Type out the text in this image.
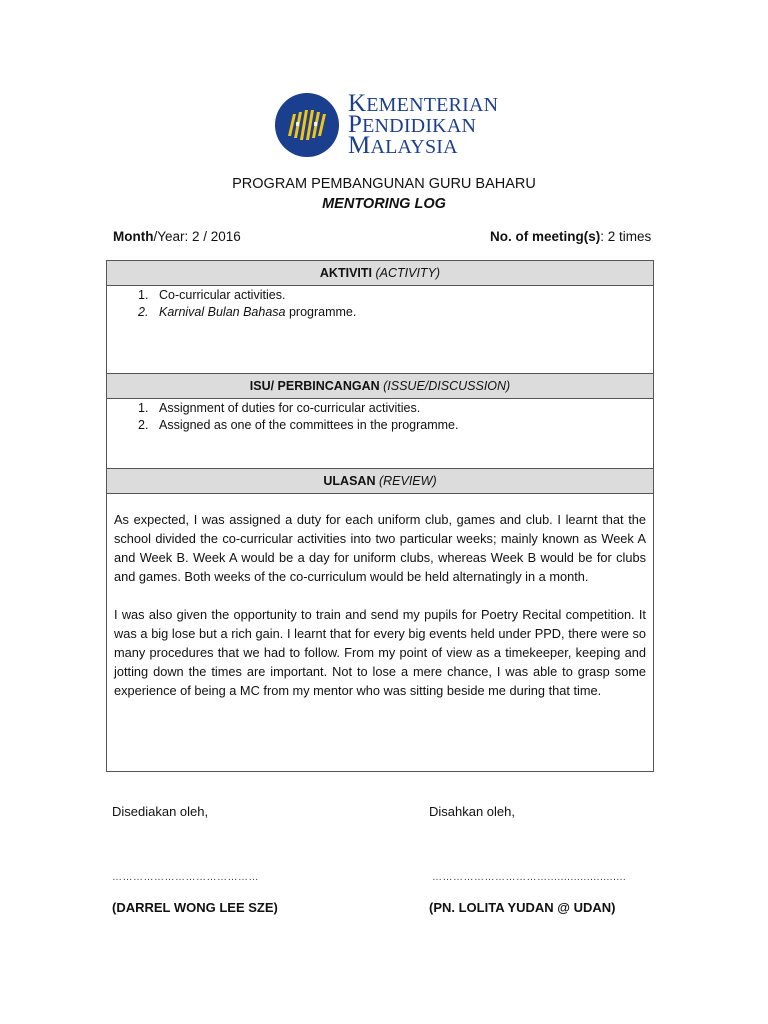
KEMENTERIAN
PENDIDIKAN
MALAYSIA
PROGRAM PEMBANGUNAN GURU BAHARU
MENTORING LOG
Month/Year: 2 / 2016	No. of meeting(s): 2 times
AKTIVITI (ACTIVITY)
1. Co-curricular activities.
2. Karnival Bulan Bahasa programme.
ISU/ PERBINCANGAN (ISSUE/DISCUSSION)
1. Assignment of duties for co-curricular activities.
2. Assigned as one of the committees in the programme.
ULASAN (REVIEW)

As expected, I was assigned a duty for each uniform club, games and club. I learnt that the school divided the co-curricular activities into two particular weeks; mainly known as Week A and Week B. Week A would be a day for uniform clubs, whereas Week B would be for clubs and games. Both weeks of the co-curriculum would be held alternatingly in a month.

I was also given the opportunity to train and send my pupils for Poetry Recital competition. It was a big lose but a rich gain. I learnt that for every big events held under PPD, there were so many procedures that we had to follow. From my point of view as a timekeeper, keeping and jotting down the times are important. Not to lose a mere chance, I was able to grasp some experience of being a MC from my mentor who was sitting beside me during that time.

Disediakan oleh,	Disahkan oleh,
……………………………………	……………………………........................
(DARREL WONG LEE SZE)	(PN. LOLITA YUDAN @ UDAN)
